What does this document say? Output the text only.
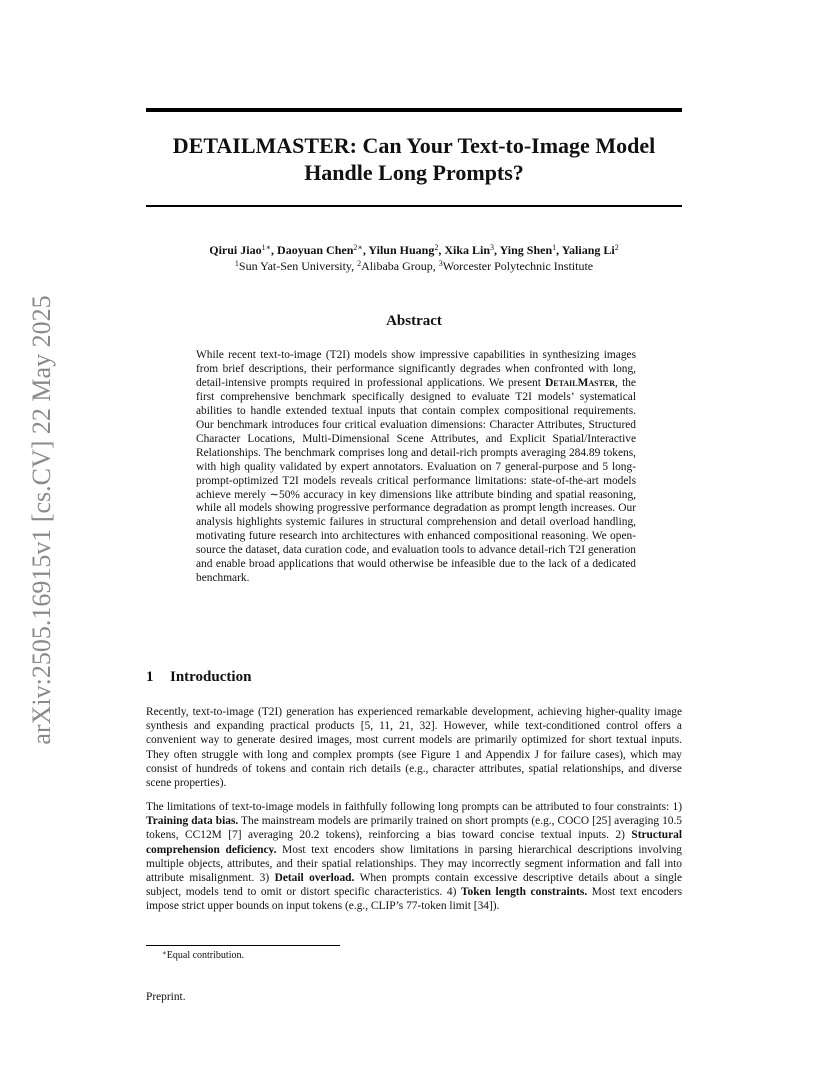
arXiv:2505.16915v1 [cs.CV] 22 May 2025
DETAILMASTER: Can Your Text-to-Image Model
Handle Long Prompts?
Qirui Jiao$^{1∗}$, Daoyuan Chen$^{2∗}$, Yilun Huang$^2$, Xika Lin$^3$, Ying Shen$^1$, Yaliang Li$^2$
$^1$Sun Yat-Sen University, $^2$Alibaba Group, $^3$Worcester Polytechnic Institute
Abstract

While recent text-to-image (T2I) models show impressive capabilities in synthesizing images from brief descriptions, their performance significantly degrades when confronted with long, detail-intensive prompts required in professional applications. We present DetailMaster, the first comprehensive benchmark specifically designed to evaluate T2I models’ systematical abilities to handle extended textual inputs that contain complex compositional requirements. Our benchmark introduces four critical evaluation dimensions: Character Attributes, Structured Character Locations, Multi-Dimensional Scene Attributes, and Explicit Spatial/Interactive Relationships. The benchmark comprises long and detail-rich prompts averaging 284.89 tokens, with high quality validated by expert annotators. Evaluation on 7 general-purpose and 5 long-prompt-optimized T2I models reveals critical performance limitations: state-of-the-art models achieve merely ∼50% accuracy in key dimensions like attribute binding and spatial reasoning, while all models showing progressive performance degradation as prompt length increases. Our analysis highlights systemic failures in structural comprehension and detail overload handling, motivating future research into architectures with enhanced compositional reasoning. We open-source the dataset, data curation code, and evaluation tools to advance detail-rich T2I generation and enable broad applications that would otherwise be infeasible due to the lack of a dedicated benchmark.

1 Introduction

Recently, text-to-image (T2I) generation has experienced remarkable development, achieving higher-quality image synthesis and expanding practical products [5, 11, 21, 32]. However, while text-conditioned control offers a convenient way to generate desired images, most current models are primarily optimized for short textual inputs. They often struggle with long and complex prompts (see Figure 1 and Appendix J for failure cases), which may consist of hundreds of tokens and contain rich details (e.g., character attributes, spatial relationships, and diverse scene properties).

The limitations of text-to-image models in faithfully following long prompts can be attributed to four constraints: 1) Training data bias. The mainstream models are primarily trained on short prompts (e.g., COCO [25] averaging 10.5 tokens, CC12M [7] averaging 20.2 tokens), reinforcing a bias toward concise textual inputs. 2) Structural comprehension deficiency. Most text encoders show limitations in parsing hierarchical descriptions involving multiple objects, attributes, and their spatial relationships. They may incorrectly segment information and fall into attribute misalignment. 3) Detail overload. When prompts contain excessive descriptive details about a single subject, models tend to omit or distort specific characteristics. 4) Token length constraints. Most text encoders impose strict upper bounds on input tokens (e.g., CLIP’s 77-token limit [34]).

∗Equal contribution.
Preprint.
